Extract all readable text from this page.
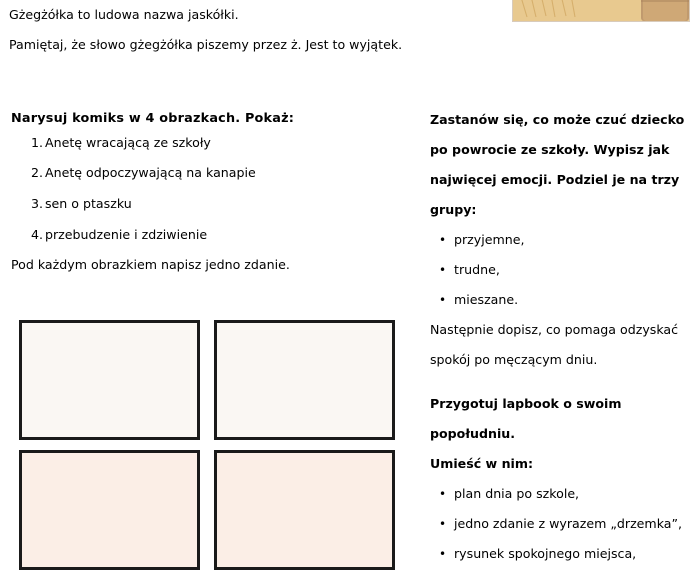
Gżegżółka to ludowa nazwa jaskółki.
Pamiętaj, że słowo gżegżółka piszemy przez ż. Jest to wyjątek.
Narysuj komiks w 4 obrazkach. Pokaż:
1. Anetę wracającą ze szkoły
2. Anetę odpoczywającą na kanapie
3. sen o ptaszku
4. przebudzenie i zdziwienie
Pod każdym obrazkiem napisz jedno zdanie.
Zastanów się, co może czuć dziecko
po powrocie ze szkoły. Wypisz jak
najwięcej emocji. Podziel je na trzy
grupy:
• przyjemne,
• trudne,
• mieszane.
Następnie dopisz, co pomaga odzyskać
spokój po męczącym dniu.
Przygotuj lapbook o swoim popołudniu.
Umieść w nim:
• plan dnia po szkole,
• jedno zdanie z wyrazem „drzemka”,
• rysunek spokojnego miejsca,
